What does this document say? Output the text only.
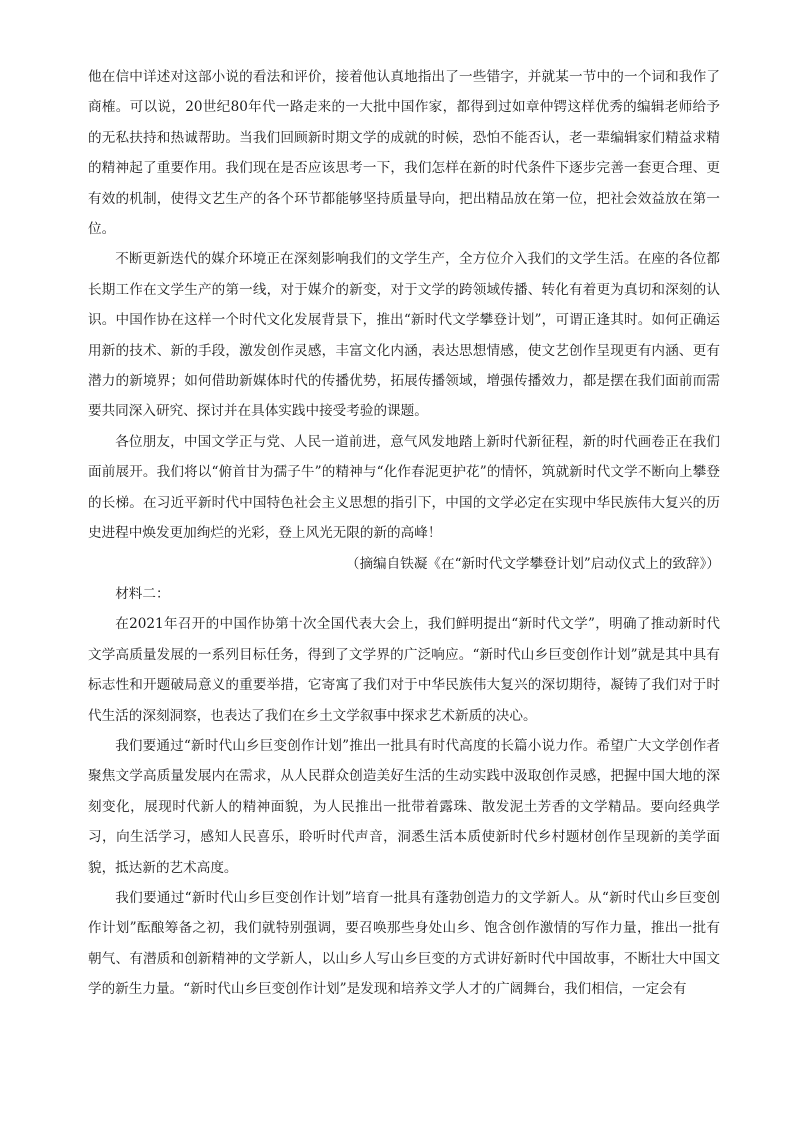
他在信中详述对这部小说的看法和评价，接着他认真地指出了一些错字，并就某一节中的一个词和我作了商榷。可以说，20世纪80年代一路走来的一大批中国作家，都得到过如章仲锷这样优秀的编辑老师给予的无私扶持和热诚帮助。当我们回顾新时期文学的成就的时候，恐怕不能否认，老一辈编辑家们精益求精的精神起了重要作用。我们现在是否应该思考一下，我们怎样在新的时代条件下逐步完善一套更合理、更有效的机制，使得文艺生产的各个环节都能够坚持质量导向，把出精品放在第一位，把社会效益放在第一位。

不断更新迭代的媒介环境正在深刻影响我们的文学生产，全方位介入我们的文学生活。在座的各位都长期工作在文学生产的第一线，对于媒介的新变，对于文学的跨领域传播、转化有着更为真切和深刻的认识。中国作协在这样一个时代文化发展背景下，推出“新时代文学攀登计划”，可谓正逢其时。如何正确运用新的技术、新的手段，激发创作灵感，丰富文化内涵，表达思想情感，使文艺创作呈现更有内涵、更有潜力的新境界；如何借助新媒体时代的传播优势，拓展传播领域，增强传播效力，都是摆在我们面前而需要共同深入研究、探讨并在具体实践中接受考验的课题。

各位朋友，中国文学正与党、人民一道前进，意气风发地踏上新时代新征程，新的时代画卷正在我们面前展开。我们将以“俯首甘为孺子牛”的精神与“化作春泥更护花”的情怀，筑就新时代文学不断向上攀登的长梯。在习近平新时代中国特色社会主义思想的指引下，中国的文学必定在实现中华民族伟大复兴的历史进程中焕发更加绚烂的光彩，登上风光无限的新的高峰！

（摘编自铁凝《在“新时代文学攀登计划”启动仪式上的致辞》）

材料二：

在2021年召开的中国作协第十次全国代表大会上，我们鲜明提出“新时代文学”，明确了推动新时代文学高质量发展的一系列目标任务，得到了文学界的广泛响应。“新时代山乡巨变创作计划”就是其中具有标志性和开题破局意义的重要举措，它寄寓了我们对于中华民族伟大复兴的深切期待，凝铸了我们对于时代生活的深刻洞察，也表达了我们在乡土文学叙事中探求艺术新质的决心。

我们要通过“新时代山乡巨变创作计划”推出一批具有时代高度的长篇小说力作。希望广大文学创作者聚焦文学高质量发展内在需求，从人民群众创造美好生活的生动实践中汲取创作灵感，把握中国大地的深刻变化，展现时代新人的精神面貌，为人民推出一批带着露珠、散发泥土芳香的文学精品。要向经典学习，向生活学习，感知人民喜乐，聆听时代声音，洞悉生活本质使新时代乡村题材创作呈现新的美学面貌，抵达新的艺术高度。

我们要通过“新时代山乡巨变创作计划”培育一批具有蓬勃创造力的文学新人。从“新时代山乡巨变创作计划”酝酿筹备之初，我们就特别强调，要召唤那些身处山乡、饱含创作激情的写作力量，推出一批有朝气、有潜质和创新精神的文学新人，以山乡人写山乡巨变的方式讲好新时代中国故事，不断壮大中国文学的新生力量。“新时代山乡巨变创作计划”是发现和培养文学人才的广阔舞台，我们相信，一定会有
